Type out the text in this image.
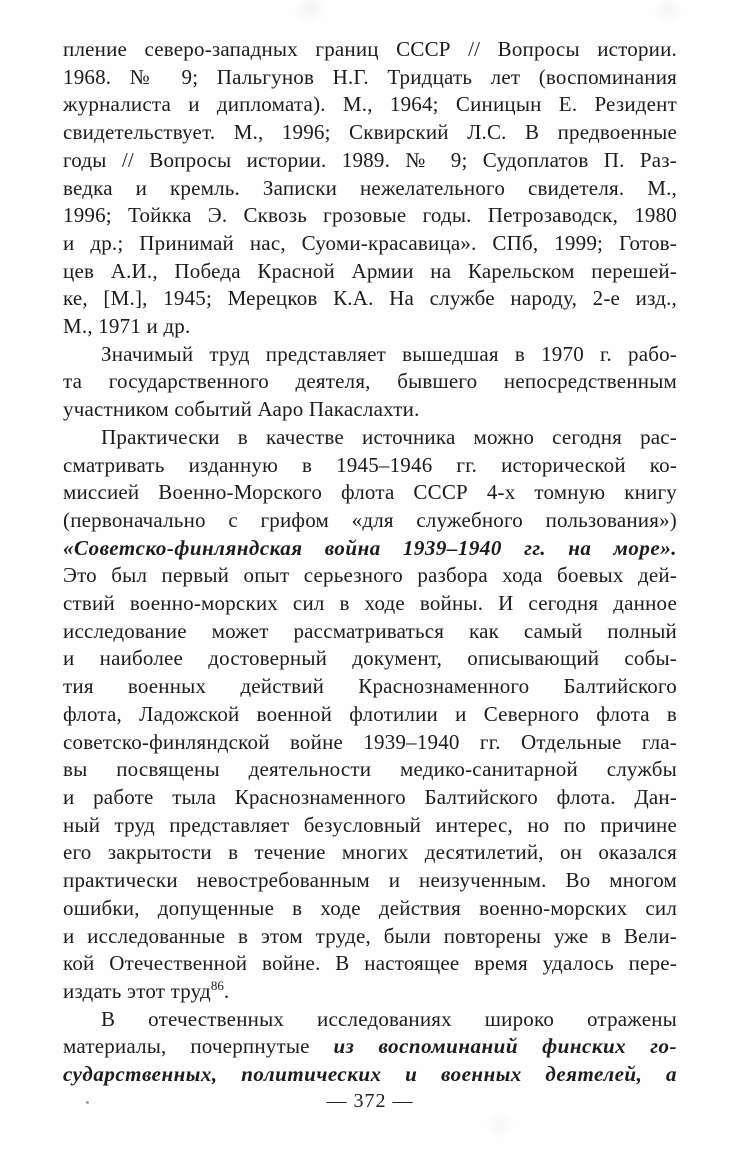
пление северо-западных границ СССР // Вопросы истории.
1968. № 9; Пальгунов Н.Г. Тридцать лет (воспоминания
журналиста и дипломата). М., 1964; Синицын Е. Резидент
свидетельствует. М., 1996; Сквирский Л.С. В предвоенные
годы // Вопросы истории. 1989. № 9; Судоплатов П. Раз-
ведка и кремль. Записки нежелательного свидетеля. М.,
1996; Тойкка Э. Сквозь грозовые годы. Петрозаводск, 1980
и др.; Принимай нас, Суоми-красавица». СПб, 1999; Готов-
цев А.И., Победа Красной Армии на Карельском перешей-
ке, [М.], 1945; Мерецков К.А. На службе народу, 2-е изд.,
М., 1971 и др.
Значимый труд представляет вышедшая в 1970 г. рабо-
та государственного деятеля, бывшего непосредственным
участником событий Ааро Пакаслахти.
Практически в качестве источника можно сегодня рас-
сматривать изданную в 1945–1946 гг. исторической ко-
миссией Военно-Морского флота СССР 4-х томную книгу
(первоначально с грифом «для служебного пользования»)
«Советско-финляндская война 1939–1940 гг. на море».
Это был первый опыт серьезного разбора хода боевых дей-
ствий военно-морских сил в ходе войны. И сегодня данное
исследование может рассматриваться как самый полный
и наиболее достоверный документ, описывающий собы-
тия военных действий Краснознаменного Балтийского
флота, Ладожской военной флотилии и Северного флота в
советско-финляндской войне 1939–1940 гг. Отдельные гла-
вы посвящены деятельности медико-санитарной службы
и работе тыла Краснознаменного Балтийского флота. Дан-
ный труд представляет безусловный интерес, но по причине
его закрытости в течение многих десятилетий, он оказался
практически невостребованным и неизученным. Во многом
ошибки, допущенные в ходе действия военно-морских сил
и исследованные в этом труде, были повторены уже в Вели-
кой Отечественной войне. В настоящее время удалось пере-
издать этот труд$^{86}$.
В отечественных исследованиях широко отражены
материалы, почерпнутые из воспоминаний финских го-
сударственных, политических и военных деятелей, а
— 372 —
